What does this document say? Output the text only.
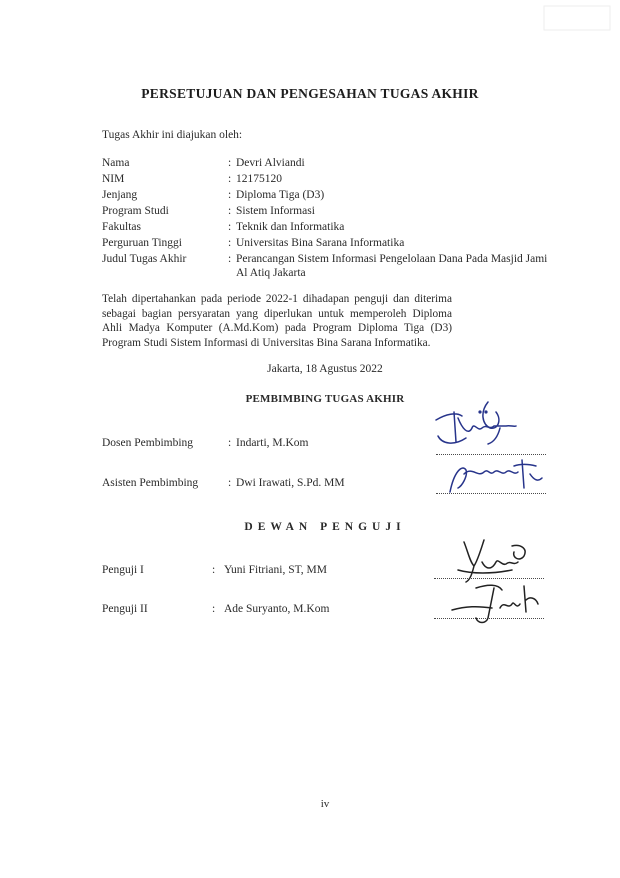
PERSETUJUAN DAN PENGESAHAN TUGAS AKHIR
Tugas Akhir ini diajukan oleh:
Nama	: Devri Alviandi
NIM	: 12175120
Jenjang	: Diploma Tiga (D3)
Program Studi	: Sistem Informasi
Fakultas	: Teknik dan Informatika
Perguruan Tinggi	: Universitas Bina Sarana Informatika
Judul Tugas Akhir	: Perancangan Sistem Informasi Pengelolaan Dana Pada Masjid Jami Al Atiq Jakarta
Telah dipertahankan pada periode 2022-1 dihadapan penguji dan diterima sebagai bagian persyaratan yang diperlukan untuk memperoleh Diploma Ahli Madya Komputer (A.Md.Kom) pada Program Diploma Tiga (D3) Program Studi Sistem Informasi di Universitas Bina Sarana Informatika.
Jakarta, 18 Agustus 2022
PEMBIMBING TUGAS AKHIR
Dosen Pembimbing	: Indarti, M.Kom
Asisten Pembimbing	: Dwi Irawati, S.Pd. MM
DEWAN PENGUJI
Penguji I	: Yuni Fitriani, ST, MM
Penguji II	: Ade Suryanto, M.Kom
iv
